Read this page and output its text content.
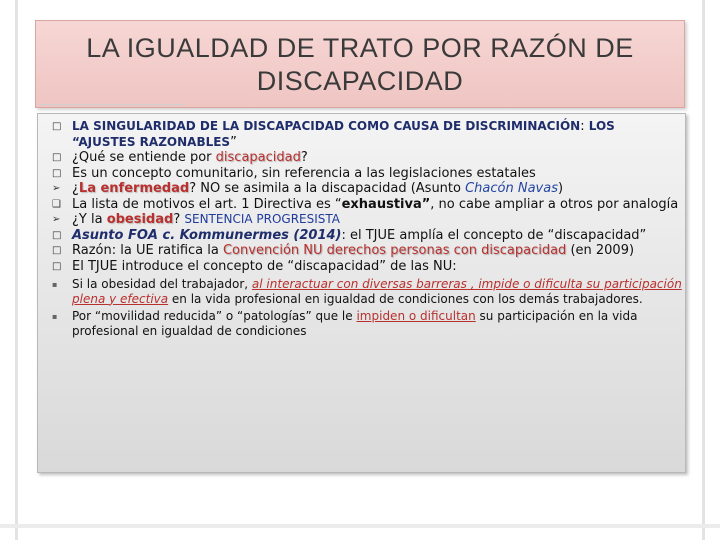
LA IGUALDAD DE TRATO POR RAZÓN DE
DISCAPACIDAD
□ LA SINGULARIDAD DE LA DISCAPACIDAD COMO CAUSA DE DISCRIMINACIÓN: LOS “AJUSTES RAZONABLES”
□ ¿Qué se entiende por discapacidad?
□ Es un concepto comunitario, sin referencia a las legislaciones estatales
➢ ¿La enfermedad? NO se asimila a la discapacidad (Asunto Chacón Navas)
❑ La lista de motivos el art. 1 Directiva es “exhaustiva”, no cabe ampliar a otros por analogía
➢ ¿Y la obesidad? SENTENCIA PROGRESISTA
□ Asunto FOA c. Kommunermes (2014): el TJUE amplía el concepto de “discapacidad”
□ Razón: la UE ratifica la Convención NU derechos personas con discapacidad (en 2009)
□ El TJUE introduce el concepto de “discapacidad” de las NU:
▪ Si la obesidad del trabajador, al interactuar con diversas barreras , impide o dificulta su participación plena y efectiva en la vida profesional en igualdad de condiciones con los demás trabajadores.
▪ Por “movilidad reducida” o “patologías” que le impiden o dificultan su participación en la vida profesional en igualdad de condiciones
